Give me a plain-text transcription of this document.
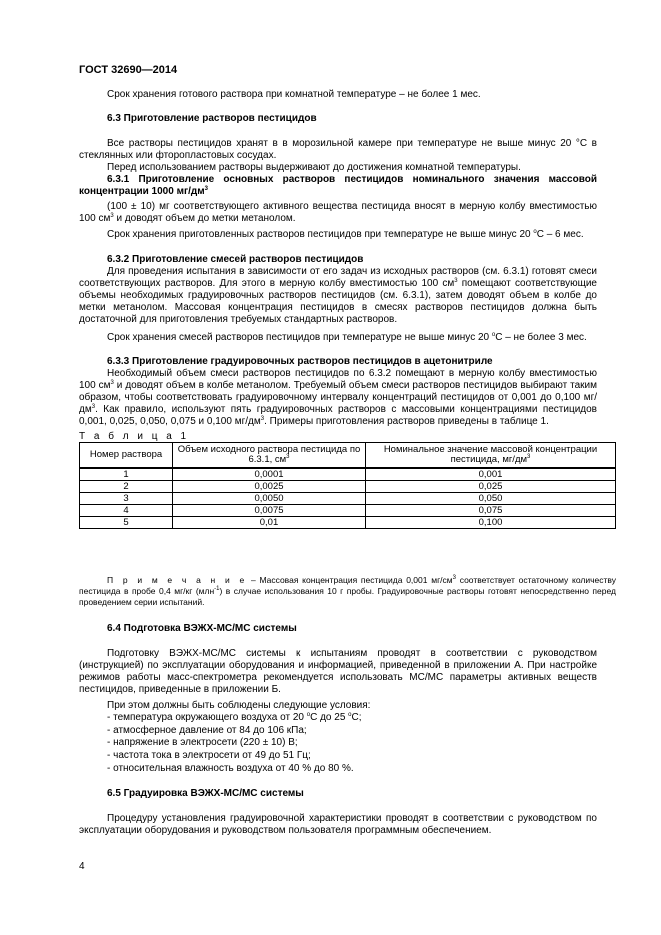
ГОСТ 32690—2014
Срок хранения готового раствора при комнатной температуре – не более 1 мес.
6.3 Приготовление растворов пестицидов
Все растворы пестицидов хранят в в морозильной камере при температуре не выше минус 20 °С в стеклянных или фторопластовых сосудах.
Перед использованием растворы выдерживают до достижения комнатной температуры.
6.3.1 Приготовление основных растворов пестицидов номинального значения массовой концентрации 1000 $мг/дм^3$
(100 ± 10) мг соответствующего активного вещества пестицида вносят в мерную колбу вместимостью 100 $см^3$ и доводят объем до метки метанолом.
Срок хранения приготовленных растворов пестицидов при температуре не выше минус 20 $^о$С – 6 мес.
6.3.2 Приготовление смесей растворов пестицидов
Для проведения испытания в зависимости от его задач из исходных растворов (см. 6.3.1) готовят смеси соответствующих растворов. Для этого в мерную колбу вместимостью 100 $см^3$ помещают соответствующие объемы необходимых градуировочных растворов пестицидов (см. 6.3.1), затем доводят объем в колбе до метки метанолом. Массовая концентрация пестицидов в смесях растворов пестицидов должна быть достаточной для приготовления требуемых стандартных растворов.
Срок хранения смесей растворов пестицидов при температуре не выше минус 20 $^о$С – не более 3 мес.
6.3.3 Приготовление градуировочных растворов пестицидов в ацетонитриле
Необходимый объем смеси растворов пестицидов по 6.3.2 помещают в мерную колбу вместимостью 100 $см^3$ и доводят объем в колбе метанолом. Требуемый объем смеси растворов пестицидов выбирают таким образом, чтобы соответствовать градуировочному интервалу концентраций пестицидов от 0,001 до 0,100 $мг/дм^3$. Как правило, используют пять градуировочных растворов с массовыми концентрациями пестицидов 0,001, 0,025, 0,050, 0,075 и 0,100 $мг/дм^3$. Примеры приготовления растворов приведены в таблице 1.
Т а б л и ц а 1
Номер раствора	Объем исходного раствора пестицида по 6.3.1, $см^3$	Номинальное значение массовой концентрации пестицида, $мг/дм^3$
1	0,0001	0,001
2	0,0025	0,025
3	0,0050	0,050
4	0,0075	0,075
5	0,01	0,100
П р и м е ч а н и е – Массовая концентрация пестицида 0,001 $мг/см^3$ соответствует остаточному количеству пестицида в пробе 0,4 мг/кг (млн$^{-1}$) в случае использования 10 г пробы. Градуировочные растворы готовят непосредственно перед проведением серии испытаний.
6.4 Подготовка ВЭЖХ-МС/МС системы
Подготовку ВЭЖХ-МС/МС системы к испытаниям проводят в соответствии с руководством (инструкцией) по эксплуатации оборудования и информацией, приведенной в приложении А. При настройке режимов работы масс-спектрометра рекомендуется использовать МС/МС параметры активных веществ пестицидов, приведенные в приложении Б.
При этом должны быть соблюдены следующие условия:
- температура окружающего воздуха от 20 $^о$С до 25 $^о$С;
- атмосферное давление от 84 до 106 кПа;
- напряжение в электросети (220 ± 10) В;
- частота тока в электросети от 49 до 51 Гц;
- относительная влажность воздуха от 40 % до 80 %.
6.5 Градуировка ВЭЖХ-МС/МС системы
Процедуру установления градуировочной характеристики проводят в соответствии с руководством по эксплуатации оборудования и руководством пользователя программным обеспечением.
4
